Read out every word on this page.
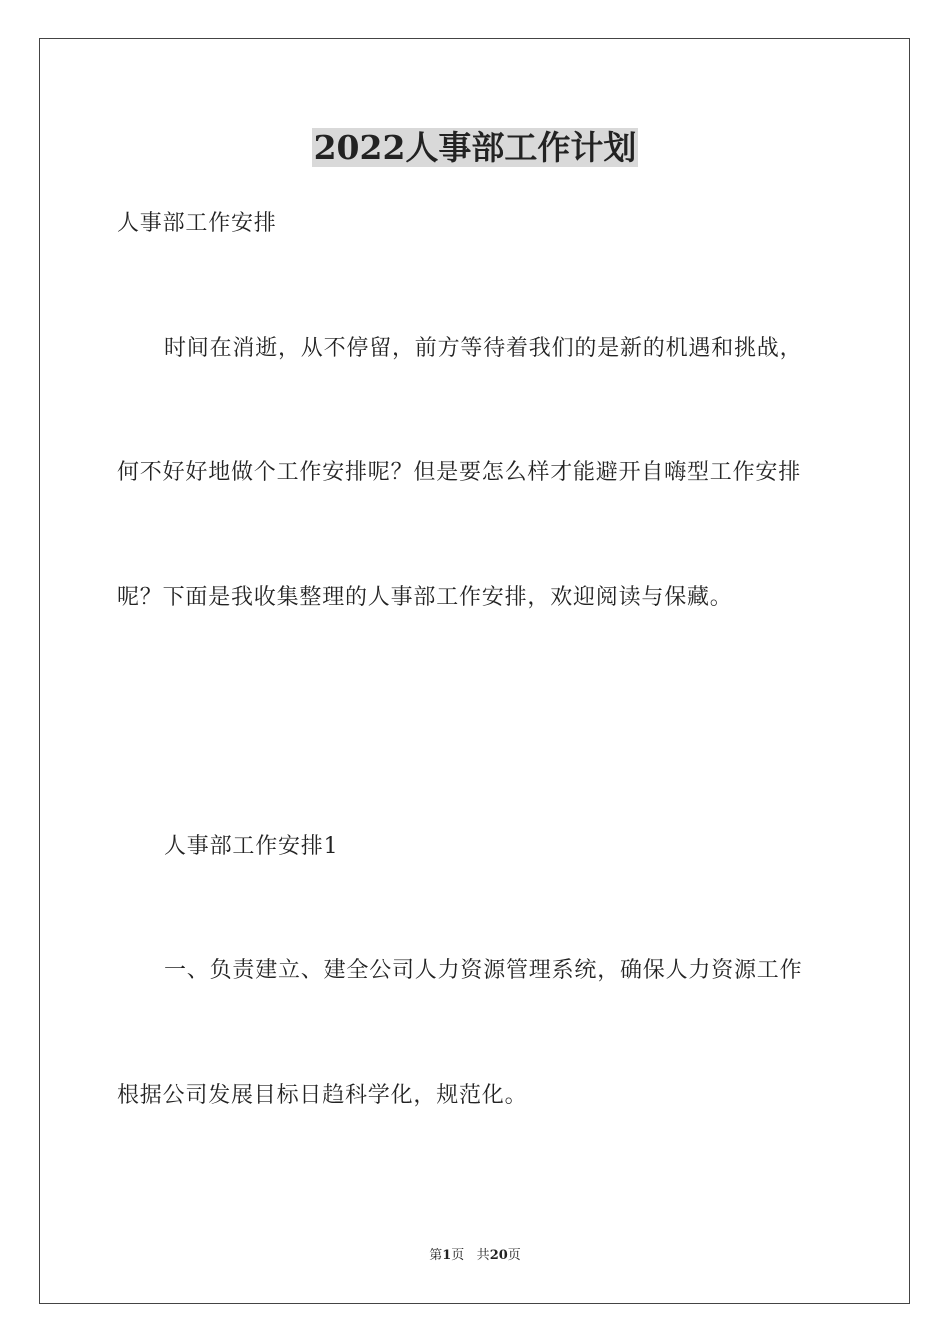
2022人事部工作计划

人事部工作安排

时间在消逝，从不停留，前方等待着我们的是新的机遇和挑战，

何不好好地做个工作安排呢？但是要怎么样才能避开自嗨型工作安排

呢？下面是我收集整理的人事部工作安排，欢迎阅读与保藏。

人事部工作安排1

一、负责建立、建全公司人力资源管理系统，确保人力资源工作

根据公司发展目标日趋科学化，规范化。

第1页 共20页
